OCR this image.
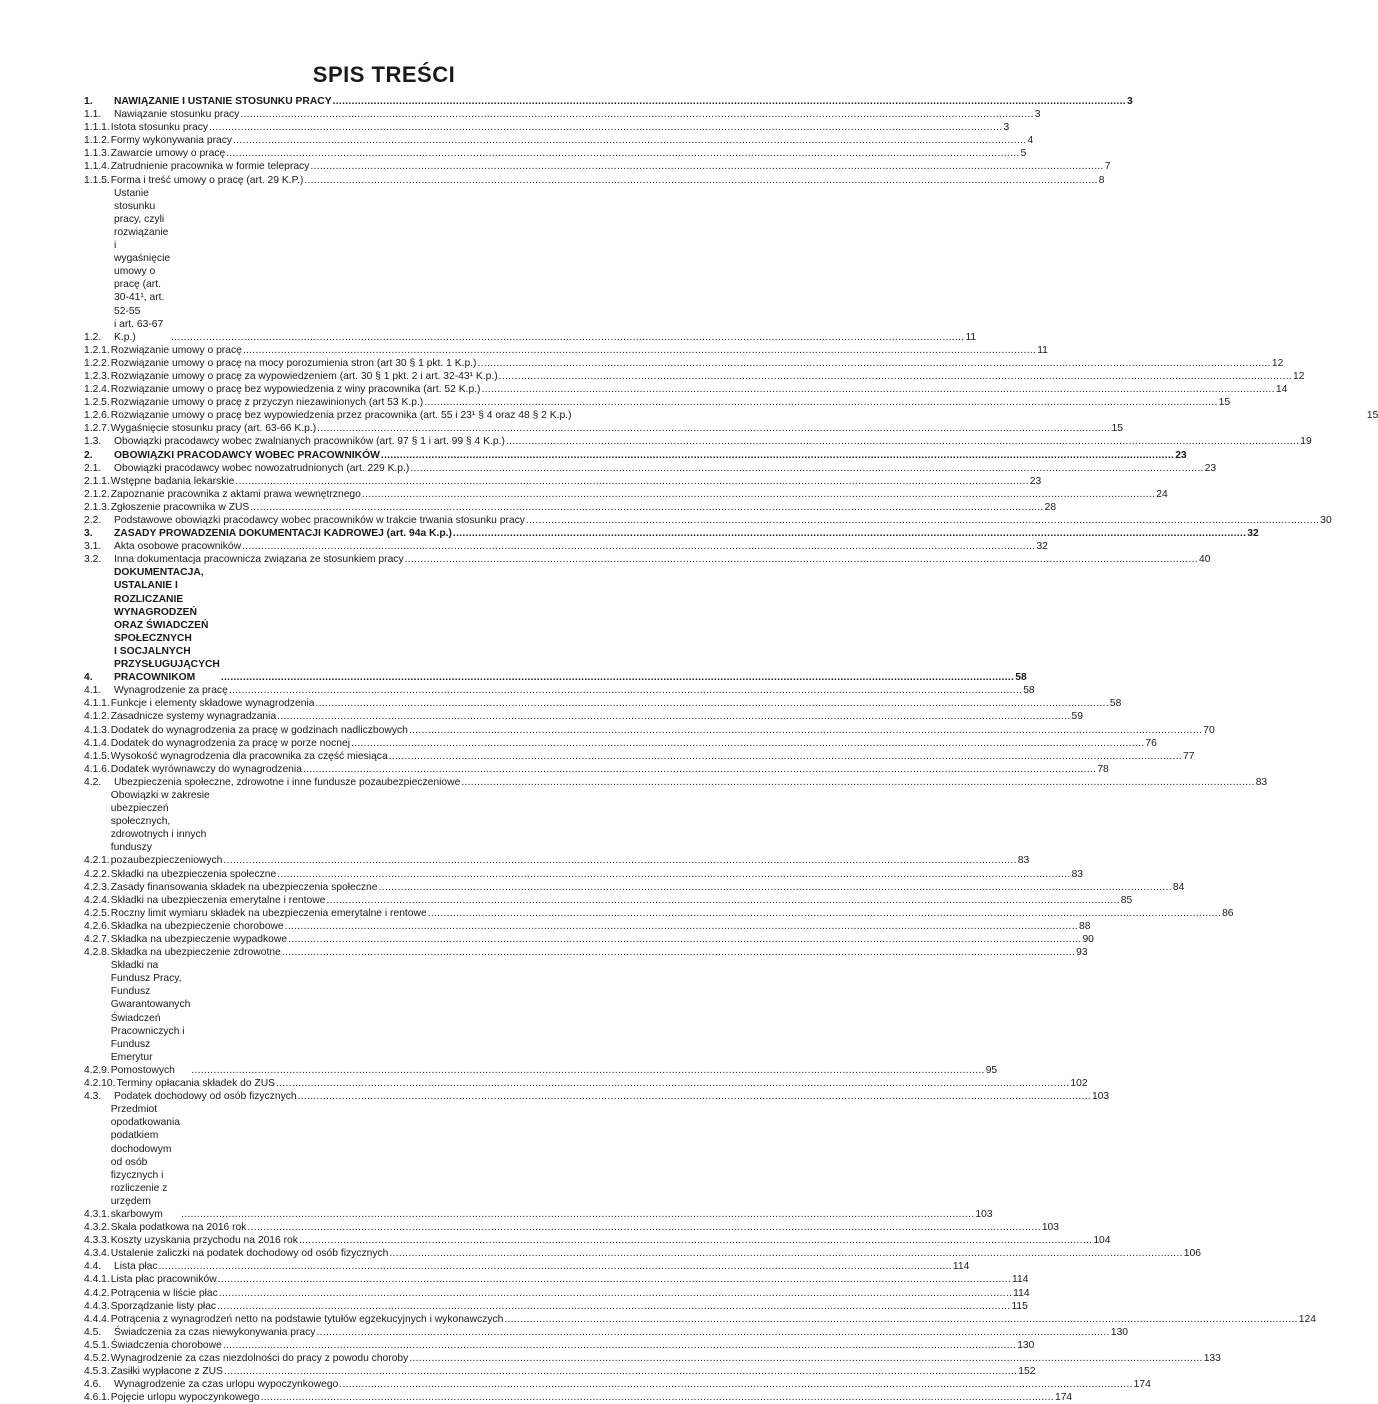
SPIS TREŚCI
1.	NAWIĄZANIE I USTANIE STOSUNKU PRACY .....	3
1.1.	Nawiązanie stosunku pracy .....	3
1.1.1. Istota stosunku pracy .....	3
1.1.2. Formy wykonywania pracy .....	4
1.1.3. Zawarcie umowy o pracę .....	5
1.1.4. Zatrudnienie pracownika w formie telepracy .....	7
1.1.5. Forma i treść umowy o pracę (art. 29 K.P.) .....	8
1.2.
Ustanie stosunku pracy, czyli rozwiązanie i wygaśnięcie umowy o pracę (art. 30-41¹, art. 52-55
i art. 63-67 K.p.) .....	11
1.2.1. Rozwiązanie umowy o pracę .....	11
1.2.2. Rozwiązanie umowy o pracę na mocy porozumienia stron (art 30 § 1 pkt. 1 K.p.) .....	12
1.2.3. Rozwiązanie umowy o pracę za wypowiedzeniem (art. 30 § 1 pkt. 2 i art. 32-43¹ K.p.) .....	12
1.2.4. Rozwiązanie umowy o pracę bez wypowiedzenia z winy pracownika (art. 52 K.p.) .....	14
1.2.5. Rozwiązanie umowy o pracę z przyczyn niezawinionych (art 53 K.p.) .....	15
1.2.6. Rozwiązanie umowy o pracę bez wypowiedzenia przez pracownika (art. 55 i 23¹ § 4 oraz 48 § 2 K.p.)	15
1.2.7. Wygaśnięcie stosunku pracy (art. 63-66 K.p.) .....	15
1.3.	Obowiązki pracodawcy wobec zwalnianych pracowników (art. 97 § 1 i art. 99 § 4 K.p.) .....	19
2.	OBOWIĄZKI PRACODAWCY WOBEC PRACOWNIKÓW .....	23
2.1.	Obowiązki pracodawcy wobec nowozatrudnionych (art. 229 K.p.) .....	23
2.1.1. Wstępne badania lekarskie .....	23
2.1.2. Zapoznanie pracownika z aktami prawa wewnętrznego .....	24
2.1.3. Zgłoszenie pracownika w ZUS .....	28
2.2.	Podstawowe obowiązki pracodawcy wobec pracowników w trakcie trwania stosunku pracy .....	30
3.	ZASADY PROWADZENIA DOKUMENTACJI KADROWEJ (art. 94a K.p.) .....	32
3.1.	Akta osobowe pracowników .....	32
3.2.	Inna dokumentacja pracownicza związana ze stosunkiem pracy .....	40
4.
DOKUMENTACJA, USTALANIE I ROZLICZANIE WYNAGRODZEŃ ORAZ ŚWIADCZEŃ SPOŁECZNYCH
I SOCJALNYCH PRZYSŁUGUJĄCYCH PRACOWNIKOM .....	58
4.1.	Wynagrodzenie za pracę .....	58
4.1.1. Funkcje i elementy składowe wynagrodzenia .....	58
4.1.2. Zasadnicze systemy wynagradzania .....	59
4.1.3. Dodatek do wynagrodzenia za pracę w godzinach nadliczbowych .....	70
4.1.4. Dodatek do wynagrodzenia za pracę w porze nocnej .....	76
4.1.5. Wysokość wynagrodzenia dla pracownika za część miesiąca .....	77
4.1.6. Dodatek wyrównawczy do wynagrodzenia .....	78
4.2.	Ubezpieczenia społeczne, zdrowotne i inne fundusze pozaubezpieczeniowe .....	83
4.2.1.
Obowiązki w zakresie ubezpieczeń społecznych, zdrowotnych i innych funduszy
pozaubezpieczeniowych .....	83
4.2.2. Składki na ubezpieczenia społeczne .....	83
4.2.3. Zasady finansowania składek na ubezpieczenia społeczne .....	84
4.2.4. Składki na ubezpieczenia emerytalne i rentowe .....	85
4.2.5. Roczny limit wymiaru składek na ubezpieczenia emerytalne i rentowe .....	86
4.2.6. Składka na ubezpieczenie chorobowe .....	88
4.2.7. Składka na ubezpieczenie wypadkowe .....	90
4.2.8. Składka na ubezpieczenie zdrowotne .....	93
4.2.9.
Składki na Fundusz Pracy, Fundusz Gwarantowanych Świadczeń Pracowniczych i Fundusz Emerytur
Pomostowych .....	95
4.2.10. Terminy opłacania składek do ZUS .....	102
4.3.	Podatek dochodowy od osób fizycznych .....	103
4.3.1.
Przedmiot opodatkowania podatkiem dochodowym od osób fizycznych i rozliczenie z urzędem
skarbowym .....	103
4.3.2. Skala podatkowa na 2016 rok .....	103
4.3.3. Koszty uzyskania przychodu na 2016 rok .....	104
4.3.4. Ustalenie zaliczki na podatek dochodowy od osób fizycznych .....	106
4.4.	Lista płac .....	114
4.4.1. Lista płac pracowników .....	114
4.4.2. Potrącenia w liście płac .....	114
4.4.3. Sporządzanie listy płac .....	115
4.4.4. Potrącenia z wynagrodzeń netto na podstawie tytułów egzekucyjnych i wykonawczych .....	124
4.5.	Świadczenia za czas niewykonywania pracy .....	130
4.5.1. Świadczenia chorobowe .....	130
4.5.2. Wynagrodzenie za czas niezdolności do pracy z powodu choroby .....	133
4.5.3. Zasiłki wypłacone z ZUS .....	152
4.6.	Wynagrodzenie za czas urlopu wypoczynkowego .....	174
4.6.1. Pojęcie urlopu wypoczynkowego .....	174
